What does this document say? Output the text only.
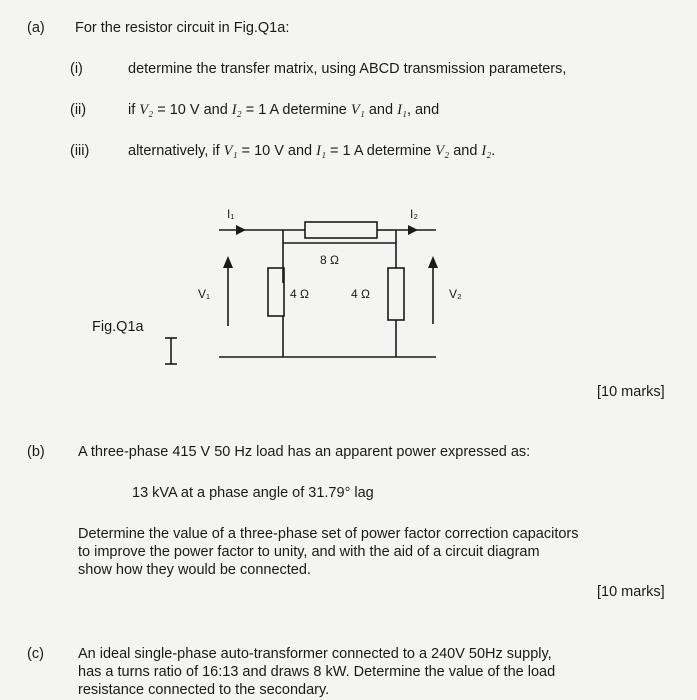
(a) For the resistor circuit in Fig.Q1a:
(i)	determine the transfer matrix, using ABCD transmission parameters,
(ii)	if V₂ = 10 V and I₂ = 1 A determine V₁ and I₁, and
(iii)	alternatively, if V₁ = 10 V and I₁ = 1 A determine V₂ and I₂.
I₁	I₂
8 Ω
4 Ω	4 Ω
V₁	V₂
Fig.Q1a
[10 marks]
(b) A three-phase 415 V 50 Hz load has an apparent power expressed as:
13 kVA at a phase angle of 31.79° lag
Determine the value of a three-phase set of power factor correction capacitors
to improve the power factor to unity, and with the aid of a circuit diagram
show how they would be connected.
[10 marks]
(c) An ideal single-phase auto-transformer connected to a 240V 50Hz supply,
has a turns ratio of 16:13 and draws 8 kW. Determine the value of the load
resistance connected to the secondary.
